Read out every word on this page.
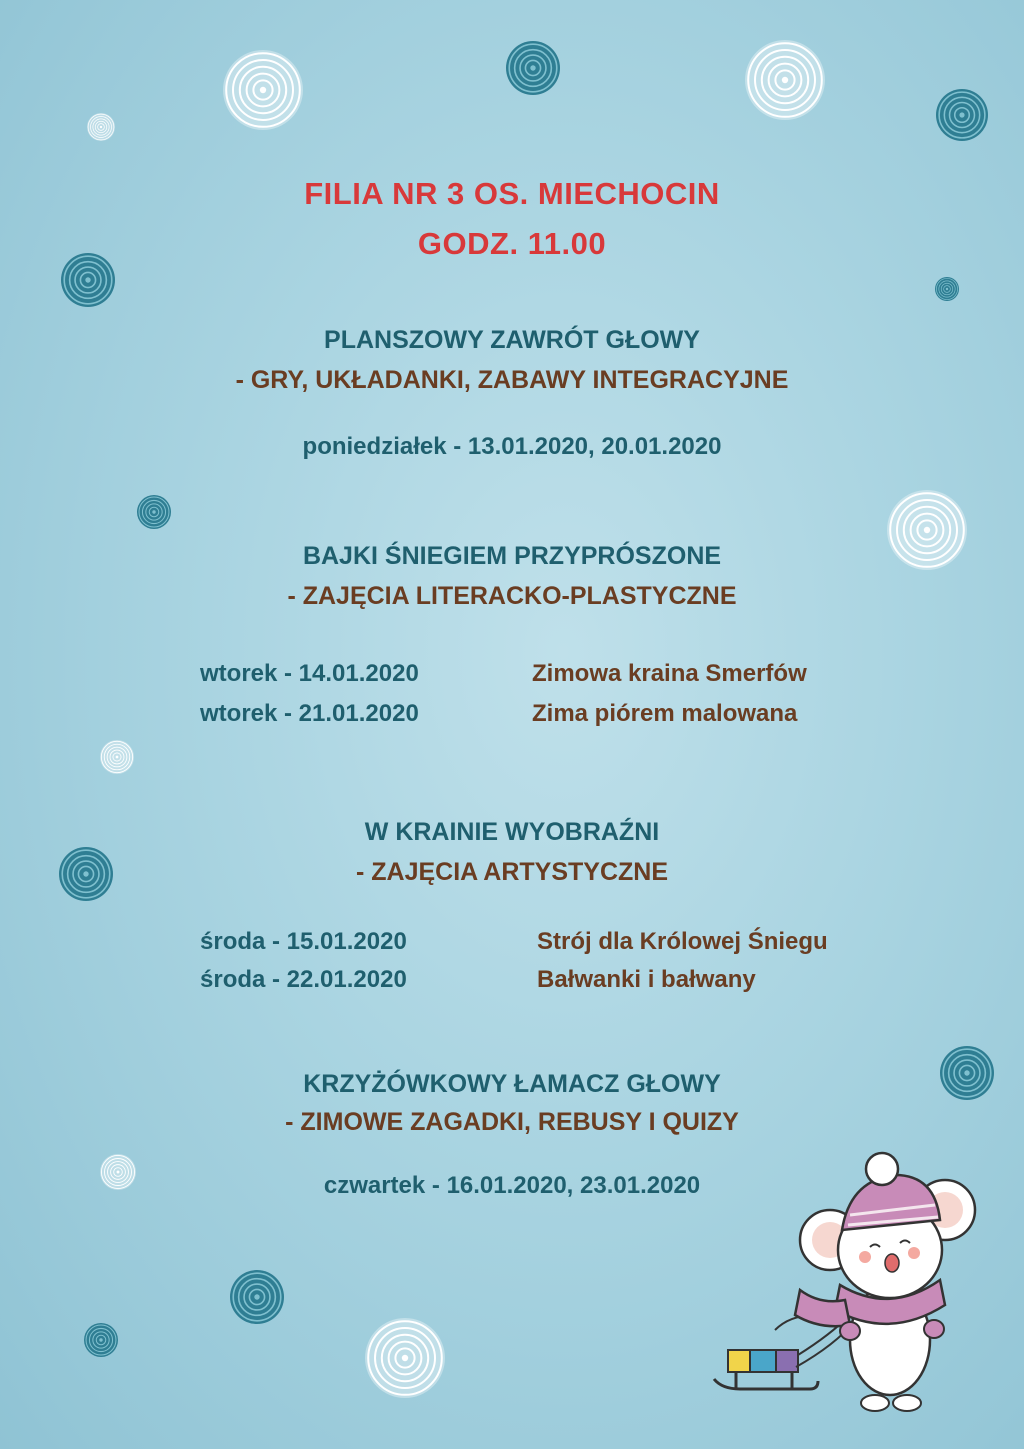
FILIA NR 3 OS. MIECHOCIN
GODZ. 11.00
PLANSZOWY ZAWRÓT GŁOWY
- GRY, UKŁADANKI, ZABAWY INTEGRACYJNE
poniedziałek - 13.01.2020, 20.01.2020
BAJKI ŚNIEGIEM PRZYPRÓSZONE
- ZAJĘCIA LITERACKO-PLASTYCZNE
wtorek - 14.01.2020	Zimowa kraina Smerfów
wtorek - 21.01.2020	Zima piórem malowana
W KRAINIE WYOBRAŹNI
- ZAJĘCIA ARTYSTYCZNE
środa - 15.01.2020	Strój dla Królowej Śniegu
środa - 22.01.2020	Bałwanki i bałwany
KRZYŻÓWKOWY ŁAMACZ GŁOWY
- ZIMOWE ZAGADKI, REBUSY I QUIZY
czwartek - 16.01.2020, 23.01.2020
